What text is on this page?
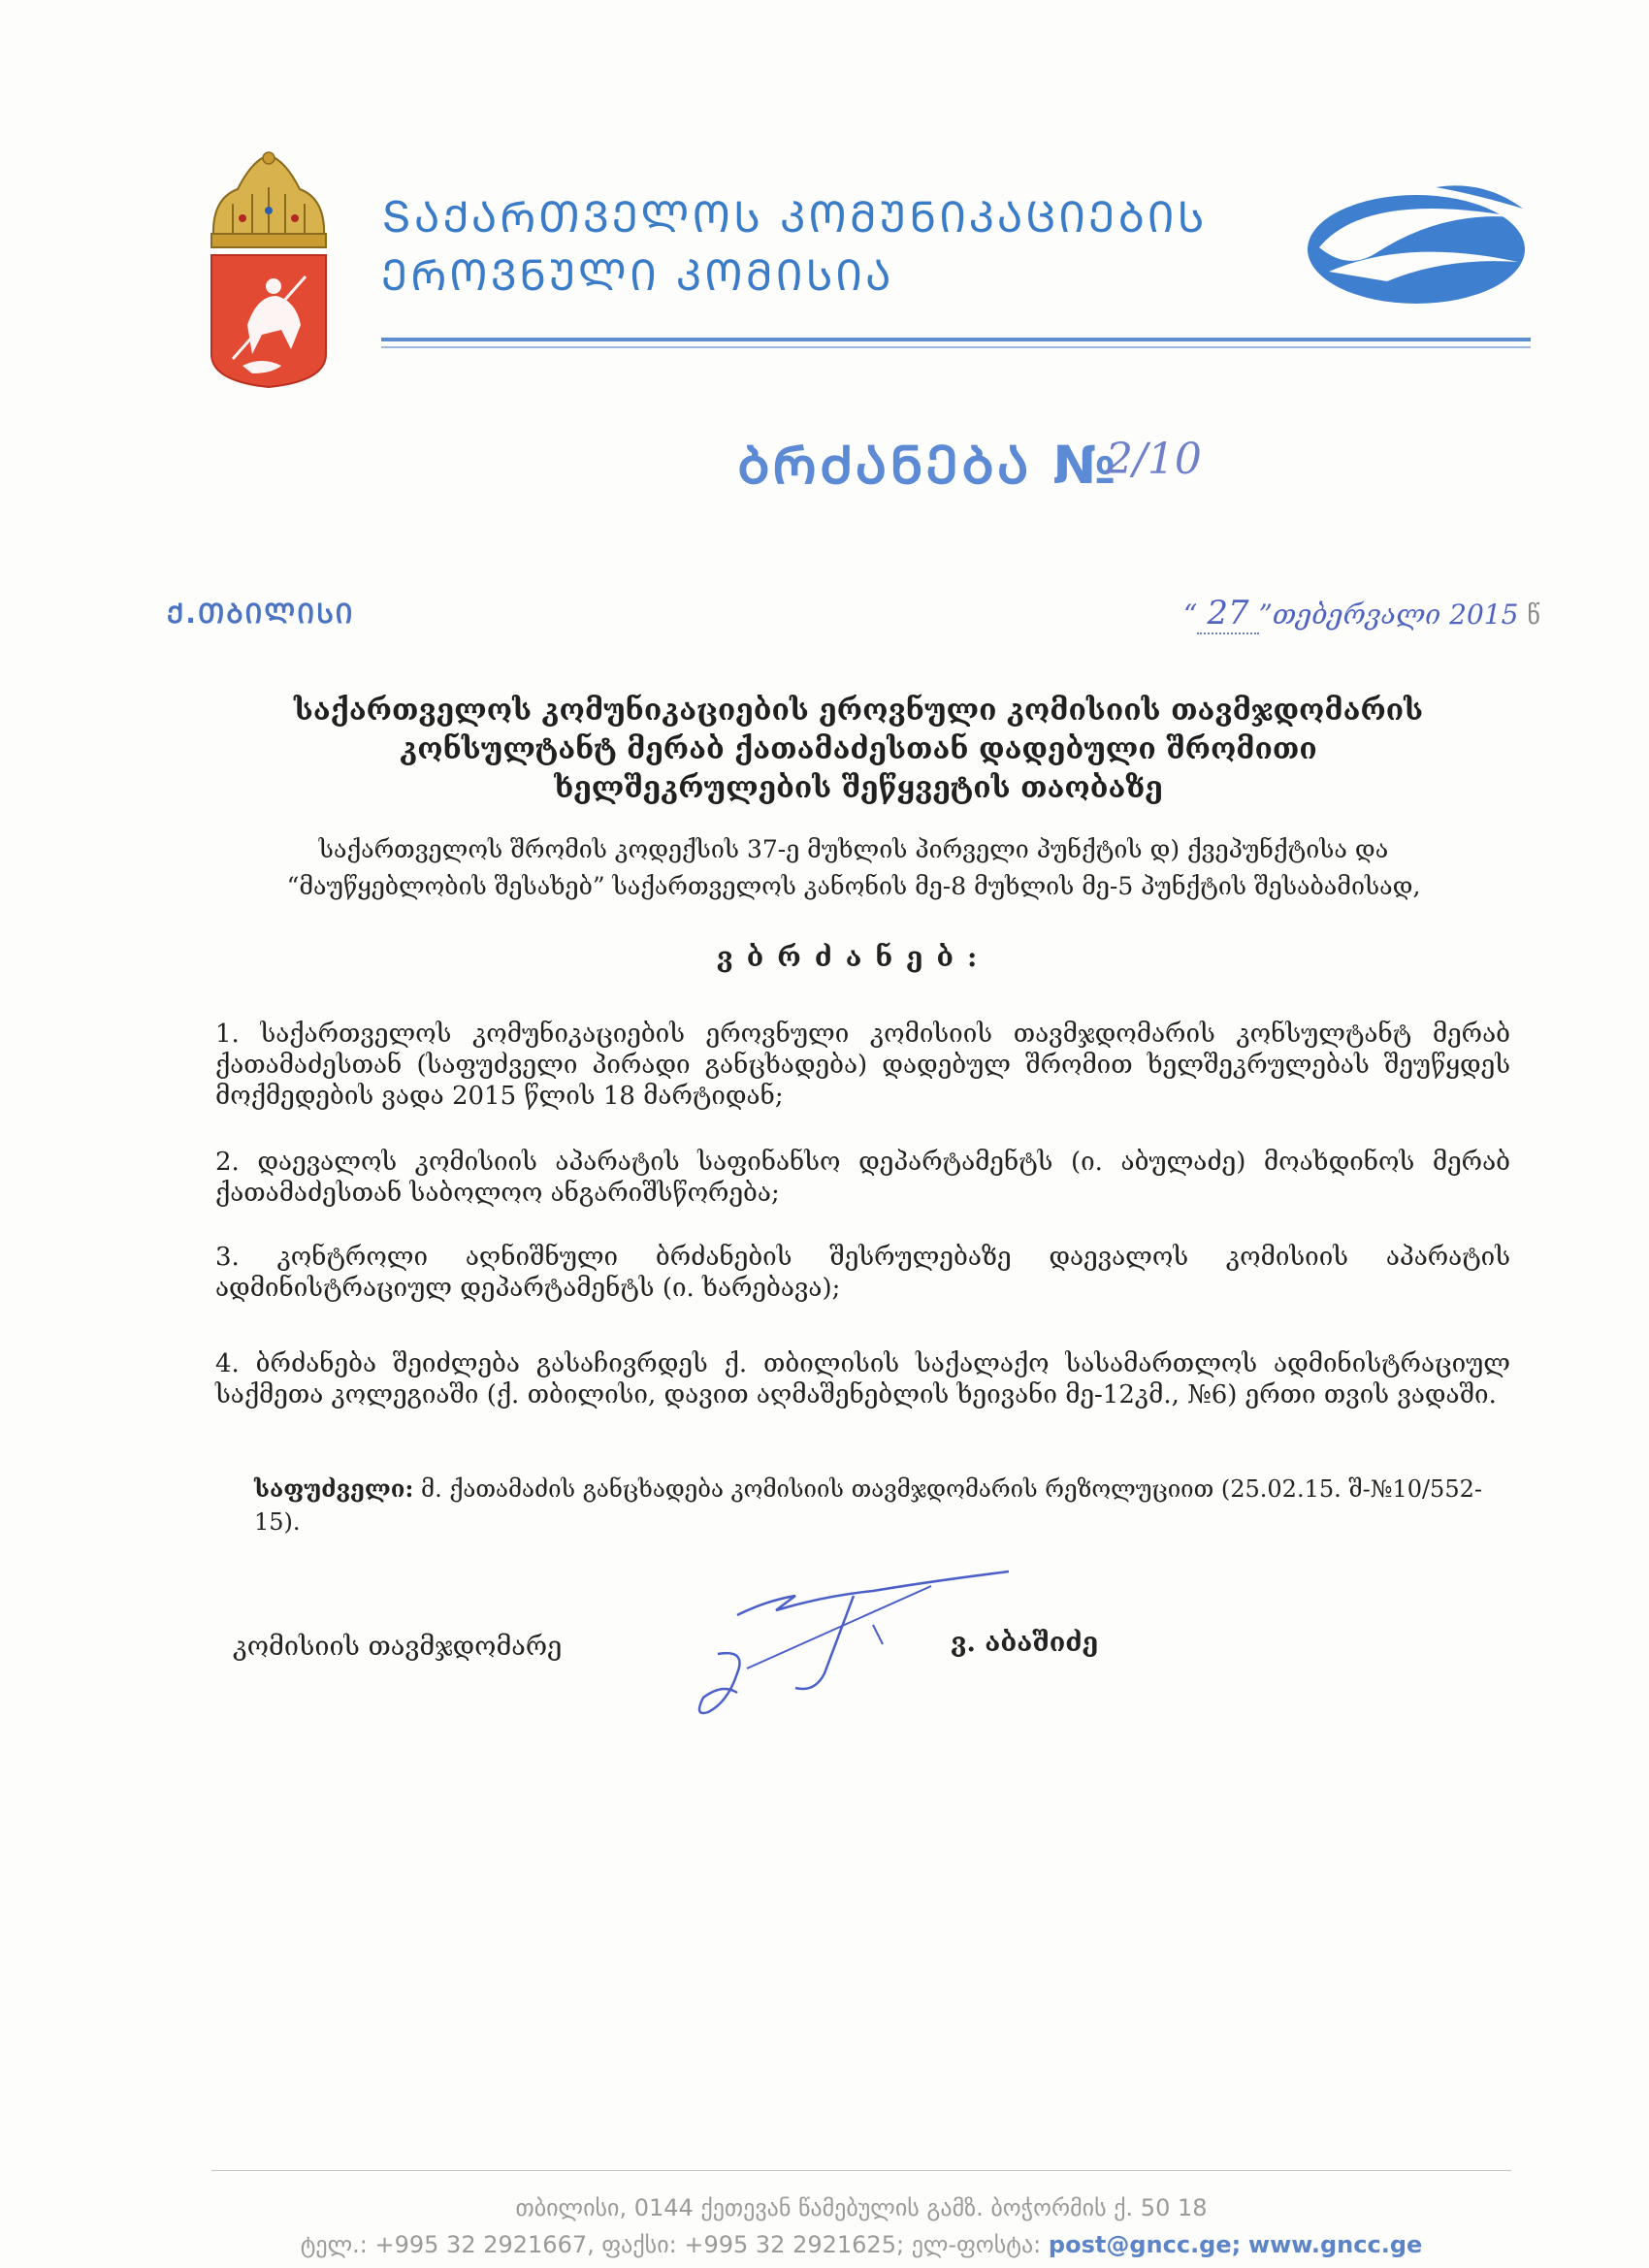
ՏᲐᲥᲐᲠᲗᲕᲔᲚᲝᲡ ᲙᲝᲛᲣᲜᲘᲙᲐᲪᲘᲔᲑᲘᲡ
ᲔᲠᲝᲕᲜᲣᲚᲘ ᲙᲝᲛᲘᲡᲘᲐ
ᲑᲠᲫᲐᲜᲔᲑᲐ №
2/10
Ქ.ᲗᲑᲘᲚᲘᲡᲘ	“ 27 ”თებერვალი 2015 წ
საქართველოს კომუნიკაციების ეროვნული კომისიის თავმჯდომარის კონსულტანტ მერაბ ქათამაძესთან დადებული შრომითი ხელშეკრულების შეწყვეტის თაობაზე
საქართველოს შრომის კოდექსის 37-ე მუხლის პირველი პუნქტის დ) ქვეპუნქტისა და “მაუწყებლობის შესახებ” საქართველოს კანონის მე-8 მუხლის მე-5 პუნქტის შესაბამისად,
ვბრძანებ:
1. საქართველოს კომუნიკაციების ეროვნული კომისიის თავმჯდომარის კონსულტანტ მერაბ ქათამაძესთან (საფუძველი პირადი განცხადება) დადებულ შრომით ხელშეკრულებას შეუწყდეს მოქმედების ვადა 2015 წლის 18 მარტიდან;
2. დაევალოს კომისიის აპარატის საფინანსო დეპარტამენტს (ი. აბულაძე) მოახდინოს მერაბ ქათამაძესთან საბოლოო ანგარიშსწორება;
3. კონტროლი აღნიშნული ბრძანების შესრულებაზე დაევალოს კომისიის აპარატის ადმინისტრაციულ დეპარტამენტს (ი. ხარებავა);
4. ბრძანება შეიძლება გასაჩივრდეს ქ. თბილისის საქალაქო სასამართლოს ადმინისტრაციულ საქმეთა კოლეგიაში (ქ. თბილისი, დავით აღმაშენებლის ხეივანი მე-12კმ., №6) ერთი თვის ვადაში.
საფუძველი: მ. ქათამაძის განცხადება კომისიის თავმჯდომარის რეზოლუციით (25.02.15. შ-№10/552-15).
კომისიის თავმჯდომარე	ვ. აბაშიძე
თბილისი, 0144 ქეთევან წამებულის გამზ. ბოჭორმის ქ. 50 18
ტელ.: +995 32 2921667, ფაქსი: +995 32 2921625; ელ-ფოსტა: post@gncc.ge; www.gncc.ge
